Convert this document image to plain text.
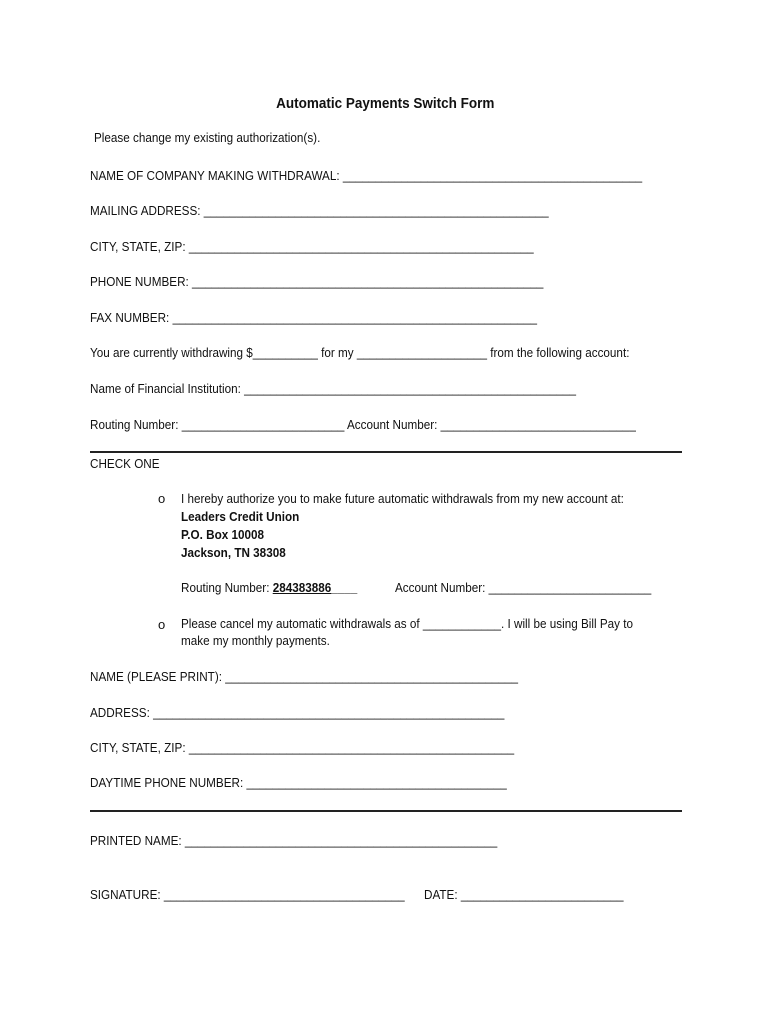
Automatic Payments Switch Form
Please change my existing authorization(s).
NAME OF COMPANY MAKING WITHDRAWAL: ______________________________________________
MAILING ADDRESS: _____________________________________________________
CITY, STATE, ZIP: _____________________________________________________
PHONE NUMBER: ______________________________________________________
FAX NUMBER: ________________________________________________________
You are currently withdrawing $__________ for my ____________________ from the following account:
Name of Financial Institution: ___________________________________________________
Routing Number: _________________________ Account Number: ______________________________
CHECK ONE
o I hereby authorize you to make future automatic withdrawals from my new account at:
Leaders Credit Union
P.O. Box 10008
Jackson, TN 38308
Routing Number: 284383886____	Account Number: _________________________
o Please cancel my automatic withdrawals as of ____________. I will be using Bill Pay to
make my monthly payments.
NAME (PLEASE PRINT): _____________________________________________
ADDRESS: ______________________________________________________
CITY, STATE, ZIP: __________________________________________________
DAYTIME PHONE NUMBER: ________________________________________
PRINTED NAME: ________________________________________________
SIGNATURE: _____________________________________ DATE: _________________________
